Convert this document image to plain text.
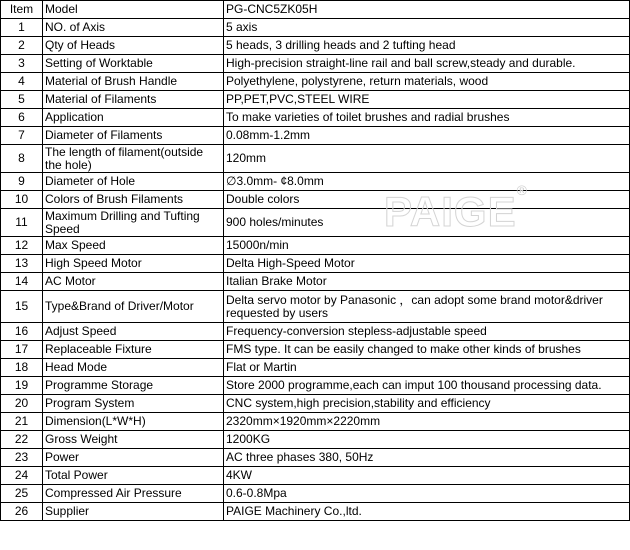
Item	Model	PG-CNC5ZK05H
1	NO. of Axis	5 axis
2	Qty of Heads	5 heads, 3 drilling heads and 2 tufting head
3	Setting of Worktable	High-precision straight-line rail and ball screw,steady and durable.
4	Material of Brush Handle	Polyethylene, polystyrene, return materials, wood
5	Material of Filaments	PP,PET,PVC,STEEL WIRE
6	Application	To make varieties of toilet brushes and radial brushes
7	Diameter of Filaments	0.08mm-1.2mm
8	The length of filament(outside the hole)	120mm
9	Diameter of Hole	∅3.0mm- ¢8.0mm
10	Colors of Brush Filaments	Double colors
11	Maximum Drilling and Tufting Speed	900 holes/minutes
12	Max Speed	15000n/min
13	High Speed Motor	Delta High-Speed Motor
14	AC Motor	Italian Brake Motor
15	Type&Brand of Driver/Motor	Delta servo motor by Panasonic ，can adopt some brand motor&driver requested by users
16	Adjust Speed	Frequency-conversion stepless-adjustable speed
17	Replaceable Fixture	FMS type. It can be easily changed to make other kinds of brushes
18	Head Mode	Flat or Martin
19	Programme Storage	Store 2000 programme,each can imput 100 thousand processing data.
20	Program System	CNC system,high precision,stability and efficiency
21	Dimension(L*W*H)	2320mm×1920mm×2220mm
22	Gross Weight	1200KG
23	Power	AC three phases 380, 50Hz
24	Total Power	4KW
25	Compressed Air Pressure	0.6-0.8Mpa
26	Supplier	PAIGE Machinery Co.,ltd.
PAIGE®
